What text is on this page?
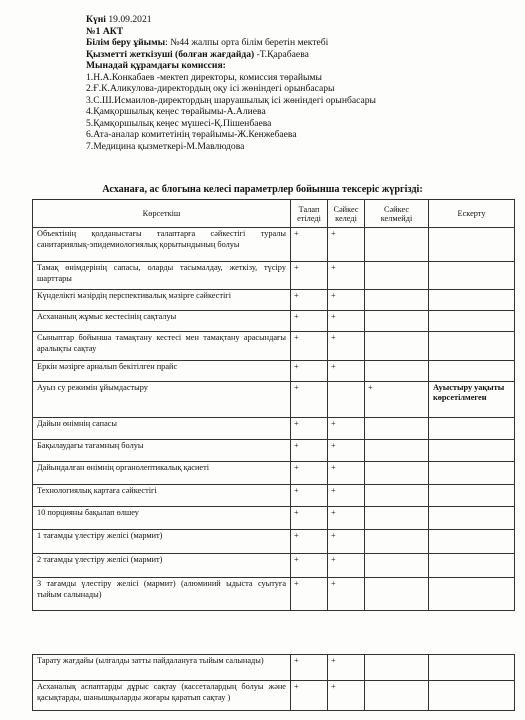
Күні 19.09.2021
№1 АКТ
Білім беру ұйымы: №44 жалпы орта білім беретін мектебі
Қызметті жеткізуші (болған жағдайда) -Т.Қарабаева
Мынадай құрамдағы комиссия:
1.Н.А.Конкабаев -мектеп директоры, комиссия төрайымы
2.Ғ.К.Аликулова-директордың оқу ісі жөніндегі орынбасары
3.С.Ш.Исмаилов-директордың шаруашылық ісі жөніндегі орынбасары
4.Қамқоршылық кеңес төрайымы-А.Алиева
5.Қамқоршылық кеңес мүшесі-Қ.Пішенбаева
6.Ата-аналар комитетінің төрайымы-Ж.Кенжебаева
7.Медицина қызметкері-М.Мавлюдова
Асханаға, ас блогына келесі параметрлер бойынша тексеріс жүргізді:
Көрсеткіш	Талап етіледі	Сәйкес келеді	Сәйкес келмейді	Ескерту
Объектінің қолданыстағы талаптарға сәйкестігі туралы санитариялық-эпидемиологиялық қорытындының болуы	+	+		
Тамақ өнімдерінің сапасы, оларды тасымалдау, жеткізу, түсіру шарттары	+	+		
Күнделікті мәзірдің перспективалық мәзірге сәйкестігі	+	+		
Асхананың жұмыс кестесінің сақталуы	+	+		
Сыныптар бойынша тамақтану кестесі мен тамақтану арасындағы аралықты сақтау	+	+		
Еркін мәзірге арналып бекітілген прайс	+	+		
Ауыз су режимін ұйымдастыру	+		+	Ауыстыру уақыты көрсетілмеген
Дайын өнімнің сапасы	+	+		
Бақылаудағы тағамның болуы	+	+		
Дайындалған өнімнің органолептикалық қасиеті	+	+		
Технологиялық картаға сәйкестігі	+	+		
10 порцияны бақылап өлшеу	+	+		
1 тағамды үлестіру желісі (мармит)	+	+		
2 тағамды үлестіру желісі (мармит)	+	+		
3 тағамды үлестіру желісі (мармит) (алюминий ыдыста суытуға тыйым салынады)	+	+		
Тарату жағдайы (ылғалды затты пайдалануға тыйым салынады)	+	+		
Асханалық аспаптарды дұрыс сақтау (кассеталардың болуы және қасықтарды, шанышқыларды жоғары қаратып сақтау )	+	+		
